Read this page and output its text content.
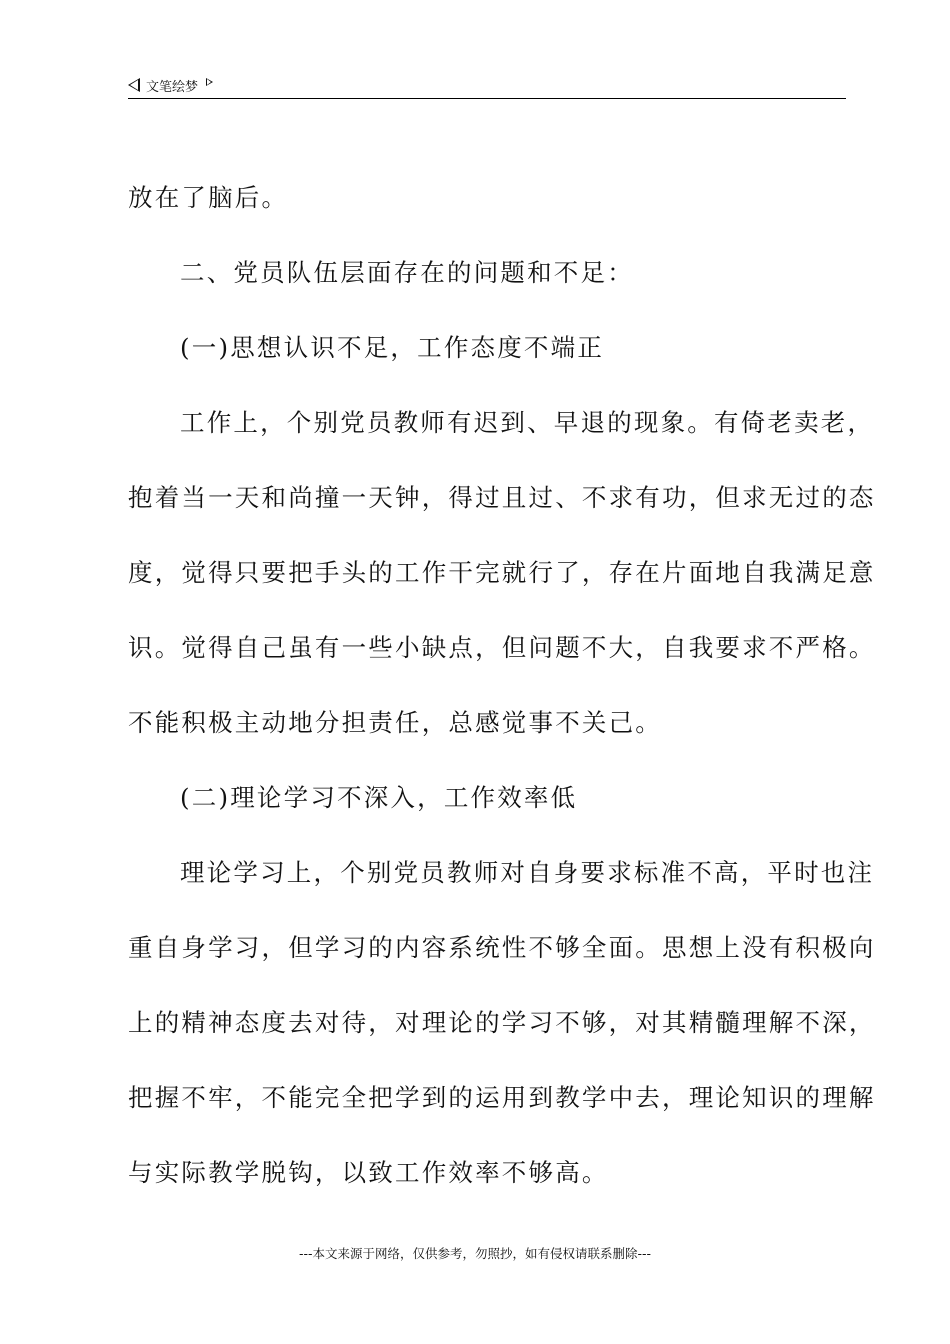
文笔绘梦
放在了脑后。
二、党员队伍层面存在的问题和不足：
(一)思想认识不足，工作态度不端正
工作上，个别党员教师有迟到、早退的现象。有倚老卖老，
抱着当一天和尚撞一天钟，得过且过、不求有功，但求无过的态
度，觉得只要把手头的工作干完就行了，存在片面地自我满足意
识。觉得自己虽有一些小缺点，但问题不大，自我要求不严格。
不能积极主动地分担责任，总感觉事不关己。
(二)理论学习不深入，工作效率低
理论学习上，个别党员教师对自身要求标准不高，平时也注
重自身学习，但学习的内容系统性不够全面。思想上没有积极向
上的精神态度去对待，对理论的学习不够，对其精髓理解不深，
把握不牢，不能完全把学到的运用到教学中去，理论知识的理解
与实际教学脱钩，以致工作效率不够高。
---本文来源于网络，仅供参考，勿照抄，如有侵权请联系删除---
